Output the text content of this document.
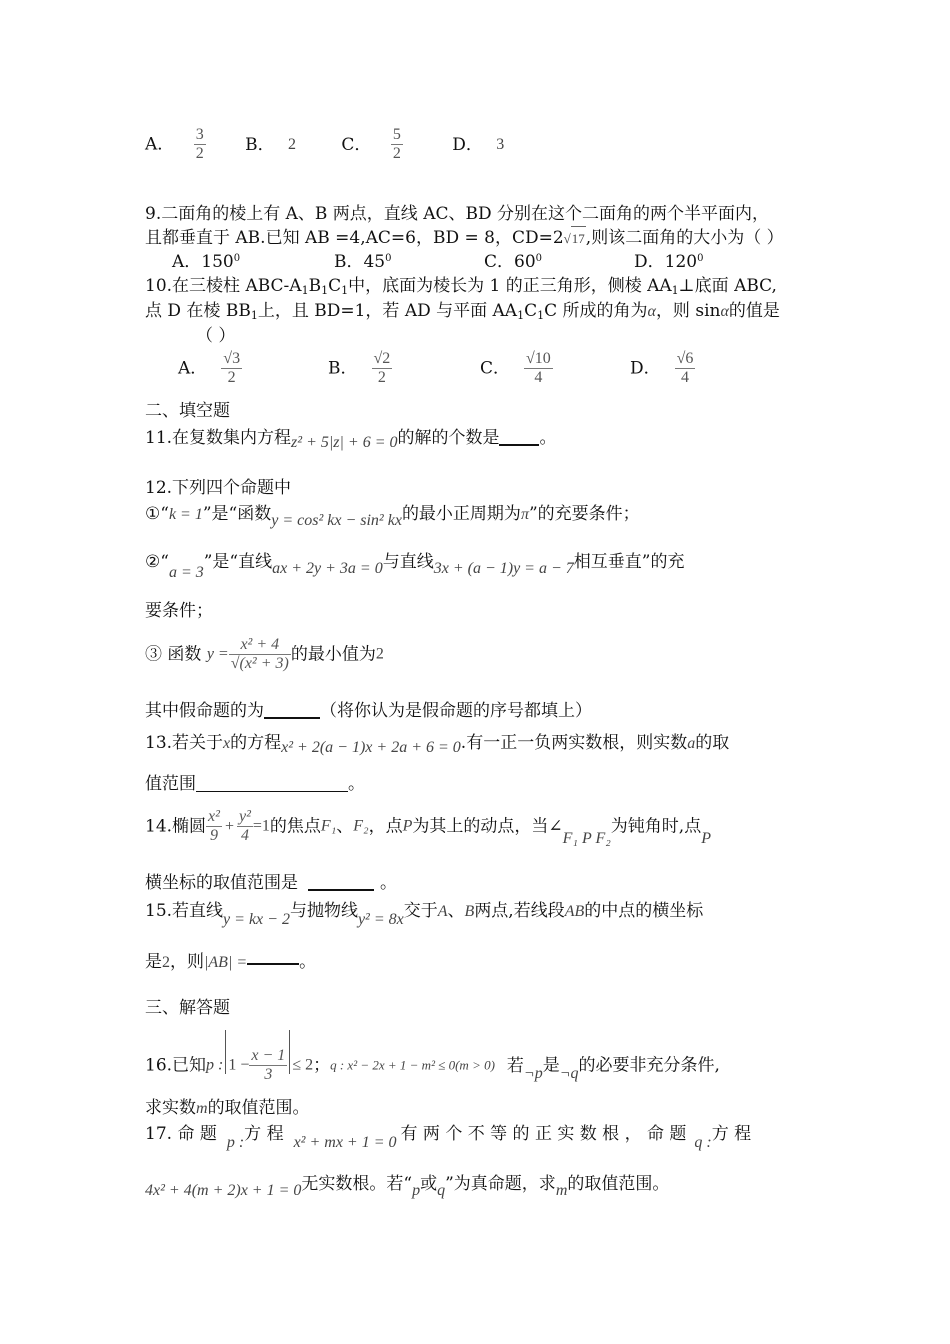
A． $\frac{3}{2}$ B． 2	C． $\frac{5}{2}$	D． 3
9.二面角的棱上有 A、B 两点，直线 AC、BD 分别在这个二面角的两个半平面内，
且都垂直于 AB.已知 AB =4,AC=6，BD = 8，CD=2√17,则该二面角的大小为（ ）
A．$150^0$	B．$45^0$	C．$60^0$	D．$120^0$
10.在三棱柱 ABC-$A_1B_1C_1$中，底面为棱长为 1 的正三角形，侧棱 $AA_1\perp$底面 ABC,
点 D 在棱 $BB_1$上，且 BD=1，若 AD 与平面 $AA_1C_1C$ 所成的角为α，则 sinα的值是
（ ）
A． $\frac{√3}{2}$	B． $\frac{√2}{2}$	C． $\frac{√10}{4}$	D． $\frac{√6}{4}$
二、填空题
11.在复数集内方程z² + 5|z| + 6 = 0的解的个数是 。
12.下列四个命题中
①“k = 1”是“函数y = cos² kx − sin² kx的最小正周期为π”的充要条件；
②“a = 3”是“直线ax + 2y + 3a = 0与直线3x + (a − 1)y = a − 7相互垂直”的充
要条件；
③ 函数 $y = \frac{\text{x² + 4}}{\text{√(x² + 3)}}$ 的最小值为2
其中假命题的为	（将你认为是假命题的序号都填上）
13.若关于x的方程x² + 2(a − 1)x + 2a + 6 = 0.有一正一负两实数根，则实数a的取
值范围	。
14.椭圆 $\frac{\text{x²}}{9} + \frac{\text{y²}}{4} =1$的焦点F₁、F₂，点P为其上的动点，当∠F₁ P F₂为钝角时,点P
横坐标的取值范围是	。
15.若直线y = kx − 2与抛物线y² = 8x交于A、B两点,若线段AB的中点的横坐标
是2，则|AB| =	。
三、解答题
16.已知p : $1 - \frac{x - 1}{3} \le 2$；q : x² − 2x + 1 − m² ≤ 0(m > 0) 若¬p是¬q的必要非充分条件,
求实数m的取值范围。
17. 命 题 p :方 程 x² + mx + 1 = 0 有 两 个 不 等 的 正 实 数 根 ， 命 题 q :方 程
4x² + 4(m + 2)x + 1 = 0无实数根。若“p或q”为真命题，求m的取值范围。
